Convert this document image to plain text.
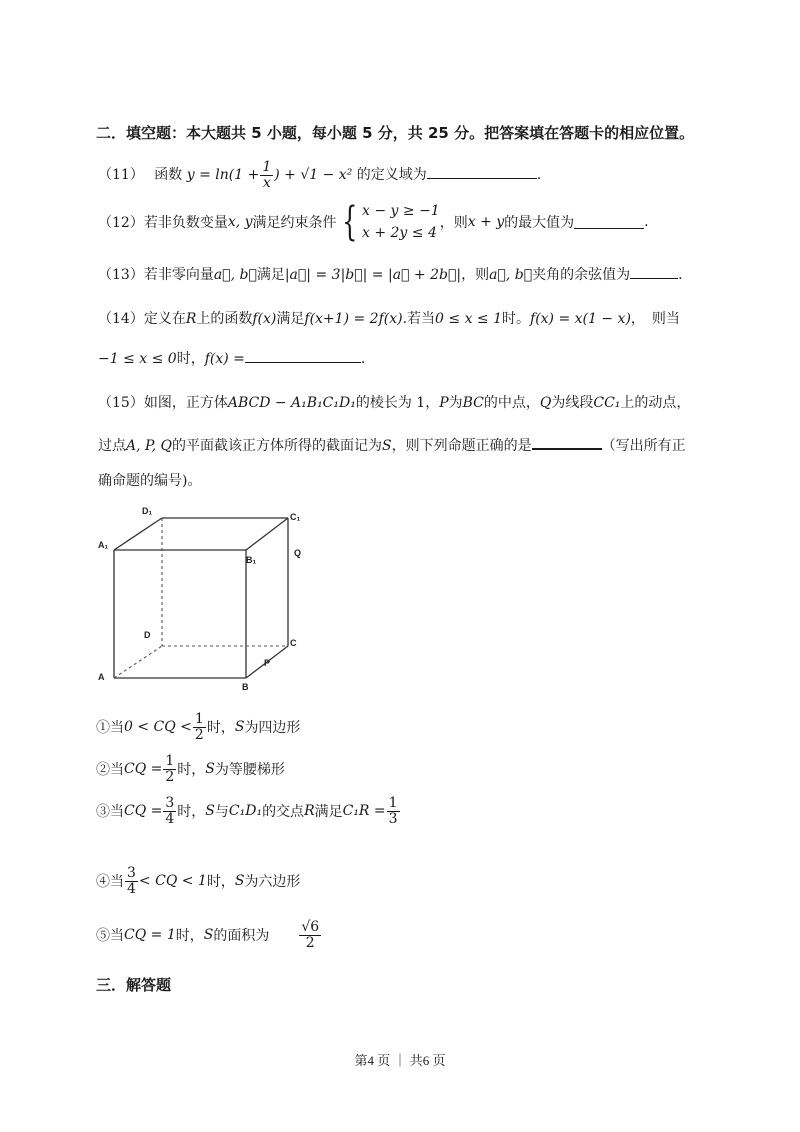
二．填空题：本大题共 5 小题，每小题 5 分，共 25 分。把答案填在答题卡的相应位置。
（11） 函数 $y = \ln(1 + \frac{1}{x}$ ) + √1 − x² 的定义域为	.
（12）若非负数变量x, y满足约束条件 { x − y ≥ −1
x + 2y ≤ 4
，则x + y的最大值为	.
（13）若非零向量a⃗, b⃗满足|a⃗| = 3|b⃗| = |a⃗ + 2b⃗|，则a⃗, b⃗夹角的余弦值为	.
（14）定义在R上的函数f(x)满足f(x+1) = 2f(x).若当0 ≤ x ≤ 1时。f(x) = x(1 − x)，　则当
−1 ≤ x ≤ 0时，f(x) =	.
（15）如图，正方体ABCD − A₁B₁C₁D₁的棱长为 1，P为BC的中点，Q为线段CC₁上的动点，
过点A, P, Q的平面截该正方体所得的截面记为S，则下列命题正确的是	（写出所有正
确命题的编号)。
D₁
C₁
A₁
B₁
Q
D
C
P
A
B
①当0 < CQ < $\frac{1}{2}$ 时，S为四边形
②当CQ = $\frac{1}{2}$ 时，S为等腰梯形
③当CQ = $\frac{3}{4}$ 时，S与C₁D₁的交点R满足$C_1R = \frac{1}{3}$
④当 $\frac{3}{4}$ < CQ < 1时，S为六边形
⑤当CQ = 1时，S的面积为 $\frac{√6}{2}$
三．解答题
第4 页 ｜ 共6 页
